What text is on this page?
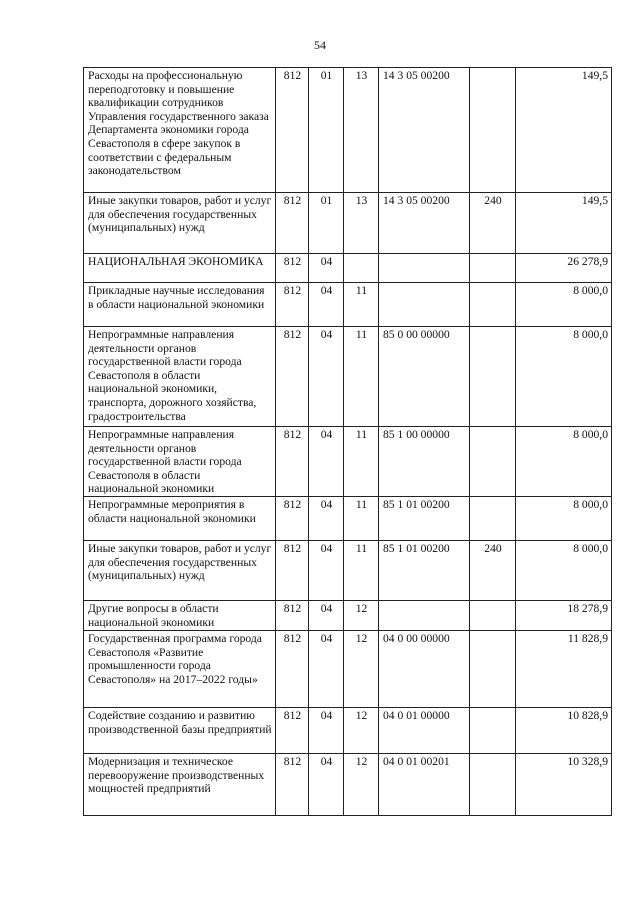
54
Расходы на профессиональную переподготовку и повышение квалификации сотрудников Управления государственного заказа Департамента экономики города Севастополя в сфере закупок в соответствии с федеральным законодательством	812	01	13	14 3 05 00200		149,5
Иные закупки товаров, работ и услуг для обеспечения государственных (муниципальных) нужд	812	01	13	14 3 05 00200	240	149,5
НАЦИОНАЛЬНАЯ ЭКОНОМИКА	812	04				26 278,9
Прикладные научные исследования в области национальной экономики	812	04	11			8 000,0
Непрограммные направления деятельности органов государственной власти города Севастополя в области национальной экономики, транспорта, дорожного хозяйства, градостроительства	812	04	11	85 0 00 00000		8 000,0
Непрограммные направления деятельности органов государственной власти города Севастополя в области национальной экономики	812	04	11	85 1 00 00000		8 000,0
Непрограммные мероприятия в области национальной экономики	812	04	11	85 1 01 00200		8 000,0
Иные закупки товаров, работ и услуг для обеспечения государственных (муниципальных) нужд	812	04	11	85 1 01 00200	240	8 000,0
Другие вопросы в области национальной экономики	812	04	12			18 278,9
Государственная программа города Севастополя «Развитие промышленности города Севастополя» на 2017–2022 годы»	812	04	12	04 0 00 00000		11 828,9
Содействие созданию и развитию производственной базы предприятий	812	04	12	04 0 01 00000		10 828,9
Модернизация и техническое перевооружение производственных мощностей предприятий	812	04	12	04 0 01 00201		10 328,9
